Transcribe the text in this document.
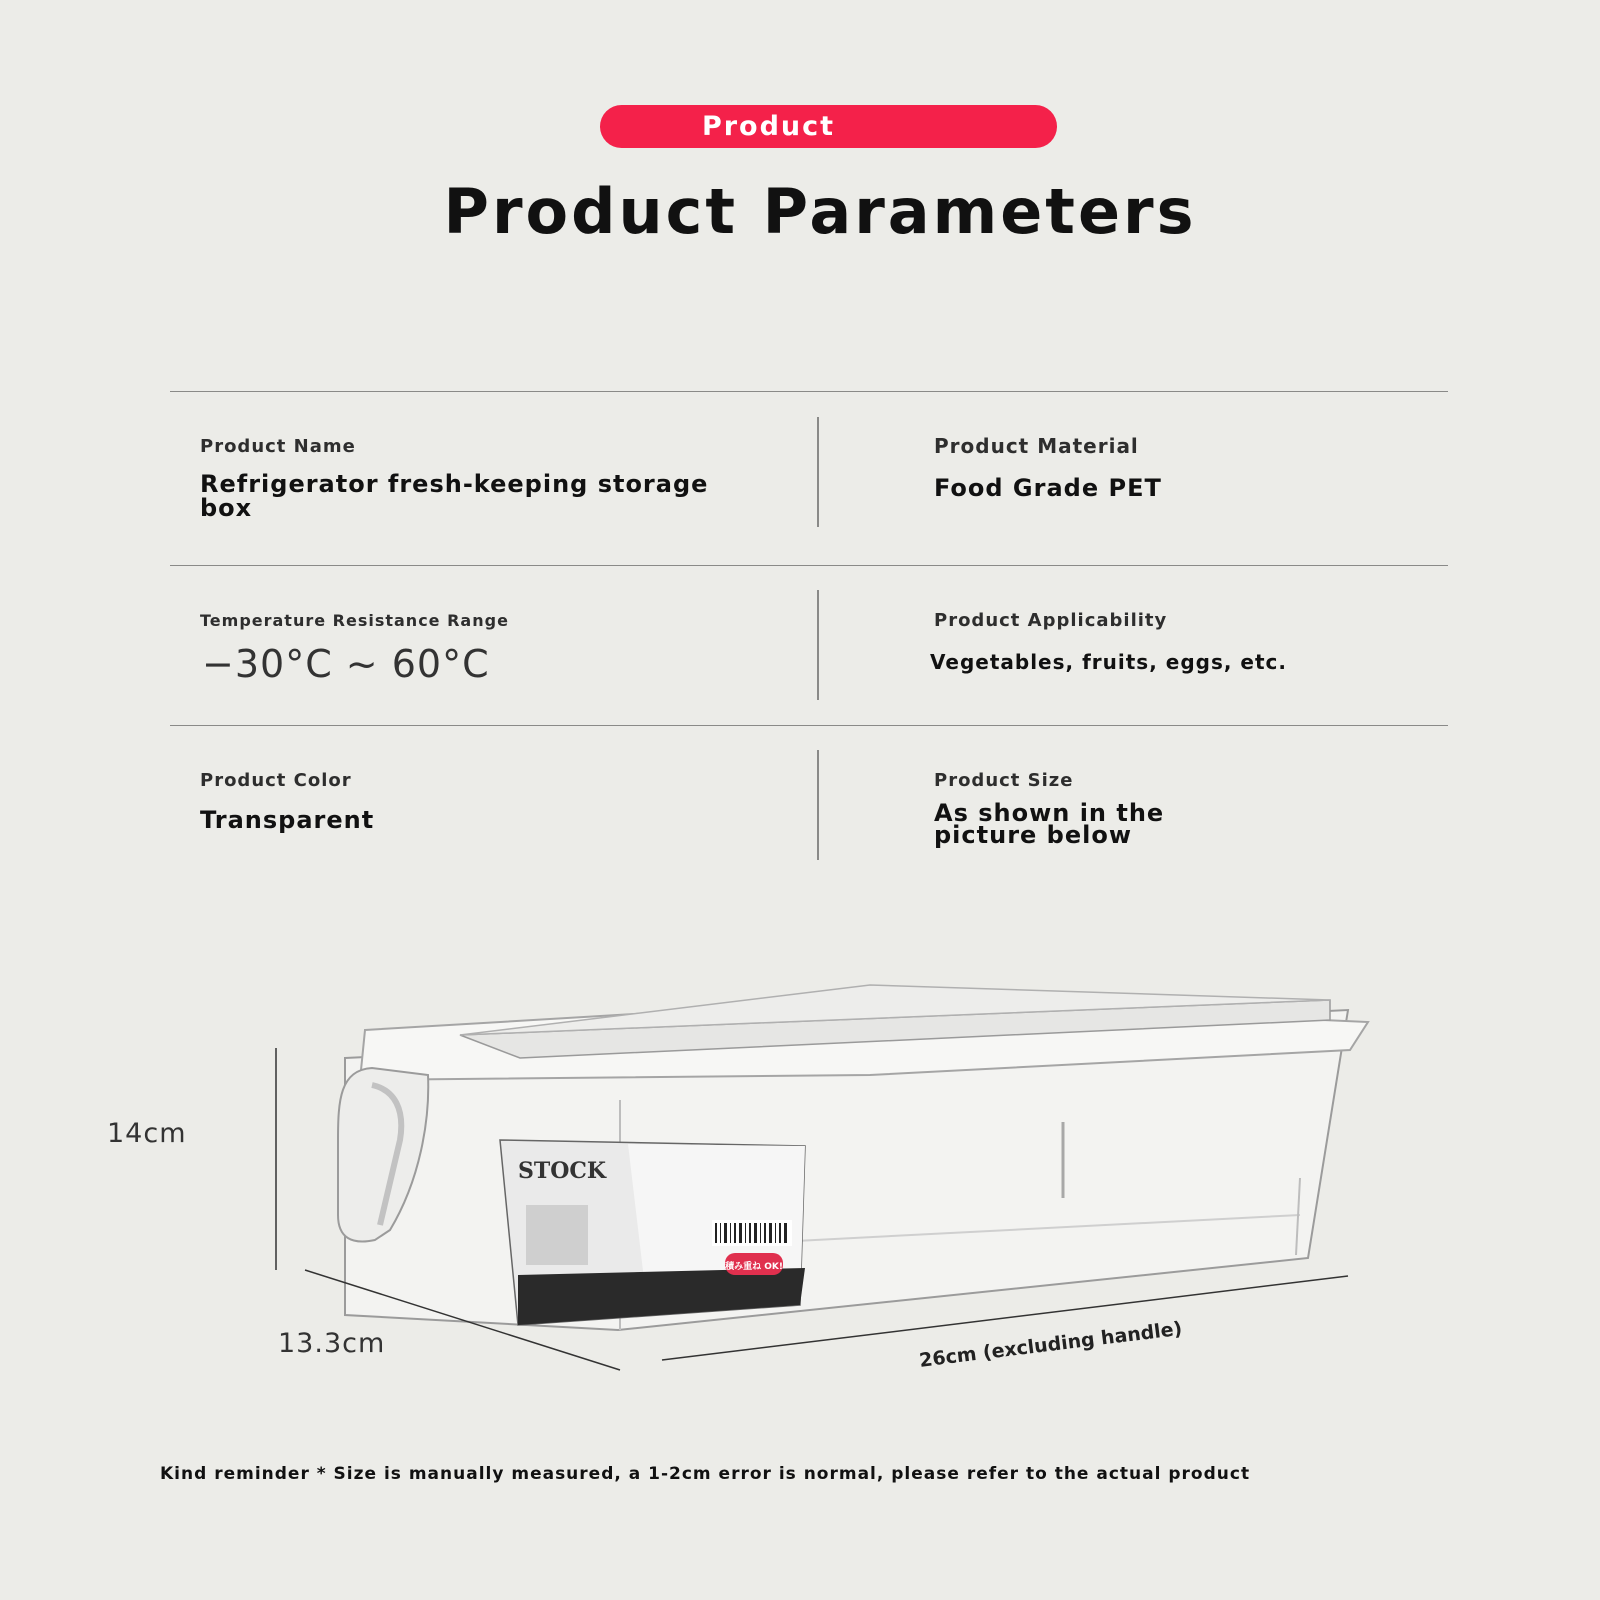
Product
Product Parameters
Product Name
Refrigerator fresh-keeping storage box
Product Material
Food Grade PET
Temperature Resistance Range
−30°C ~ 60°C
Product Applicability
Vegetables, fruits, eggs, etc.
Product Color
Transparent
Product Size
As shown in the picture below
STOCK
積み重ね OK!
14cm
13.3cm	26cm (excluding handle)
Kind reminder * Size is manually measured, a 1-2cm error is normal, please refer to the actual product
